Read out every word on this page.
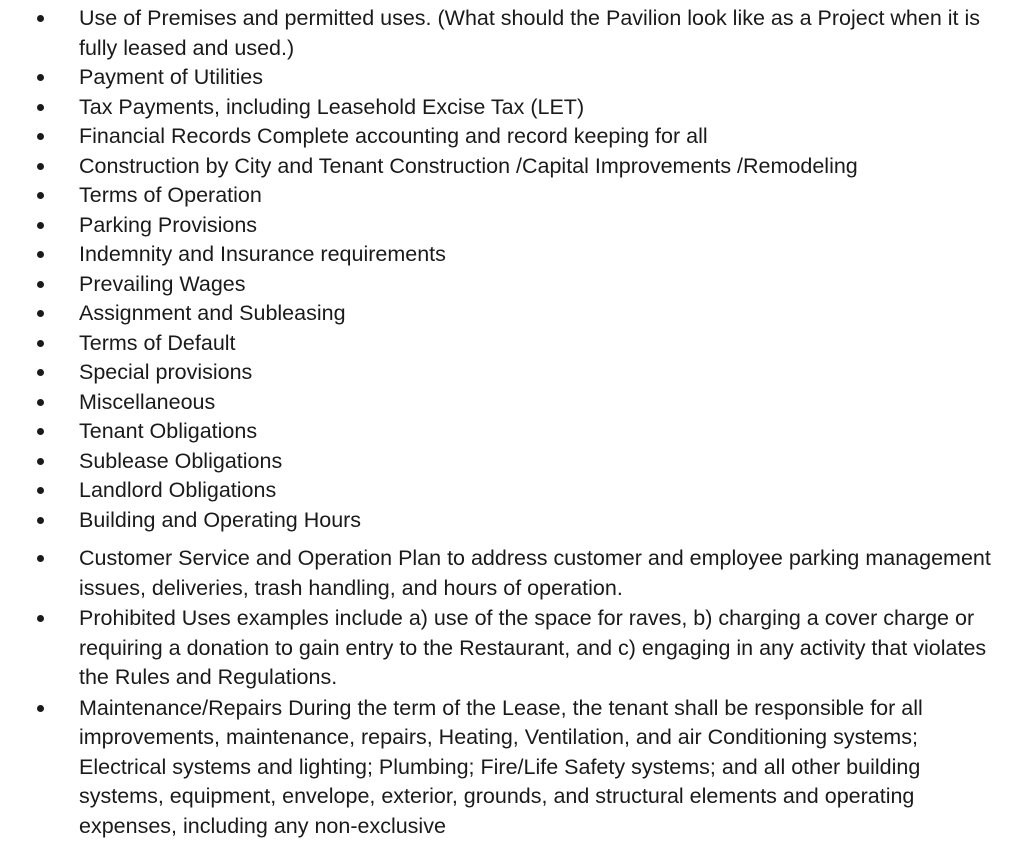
Use of Premises and permitted uses. (What should the Pavilion look like as a Project when it is fully leased and used.)
Payment of Utilities
Tax Payments, including Leasehold Excise Tax (LET)
Financial Records Complete accounting and record keeping for all
Construction by City and Tenant Construction /Capital Improvements /Remodeling
Terms of Operation
Parking Provisions
Indemnity and Insurance requirements
Prevailing Wages
Assignment and Subleasing
Terms of Default
Special provisions
Miscellaneous
Tenant Obligations
Sublease Obligations
Landlord Obligations
Building and Operating Hours
Customer Service and Operation Plan to address customer and employee parking management issues, deliveries, trash handling, and hours of operation.
Prohibited Uses examples include a) use of the space for raves, b) charging a cover charge or requiring a donation to gain entry to the Restaurant, and c) engaging in any activity that violates the Rules and Regulations.
Maintenance/Repairs During the term of the Lease, the tenant shall be responsible for all improvements, maintenance, repairs, Heating, Ventilation, and air Conditioning systems; Electrical systems and lighting; Plumbing; Fire/Life Safety systems; and all other building systems, equipment, envelope, exterior, grounds, and structural elements and operating expenses, including any non-exclusive
